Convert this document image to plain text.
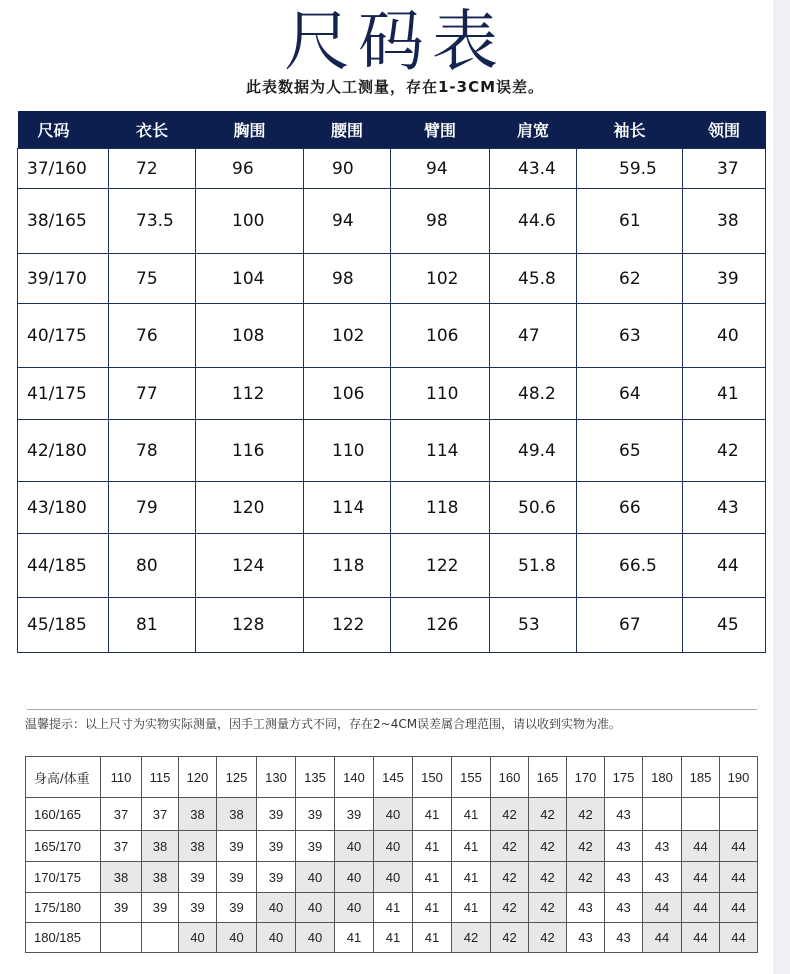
尺码表
此表数据为人工测量，存在1-3CM误差。
尺码	衣长	胸围	腰围	臂围	肩宽	袖长	领围
37/160	72	96	90	94	43.4	59.5	37
38/165	73.5	100	94	98	44.6	61	38
39/170	75	104	98	102	45.8	62	39
40/175	76	108	102	106	47	63	40
41/175	77	112	106	110	48.2	64	41
42/180	78	116	110	114	49.4	65	42
43/180	79	120	114	118	50.6	66	43
44/185	80	124	118	122	51.8	66.5	44
45/185	81	128	122	126	53	67	45
温馨提示：以上尺寸为实物实际测量，因手工测量方式不同，存在2~4CM误差属合理范围，请以收到实物为准。
身高/体重	110	115	120	125	130	135	140	145	150	155	160	165	170	175	180	185	190
160/165	37	37	38	38	39	39	39	40	41	41	42	42	42	43			
165/170	37	38	38	39	39	39	40	40	41	41	42	42	42	43	43	44	44
170/175	38	38	39	39	39	40	40	40	41	41	42	42	42	43	43	44	44
175/180	39	39	39	39	40	40	40	41	41	41	42	42	43	43	44	44	44
180/185			40	40	40	40	41	41	41	42	42	42	43	43	44	44	44
